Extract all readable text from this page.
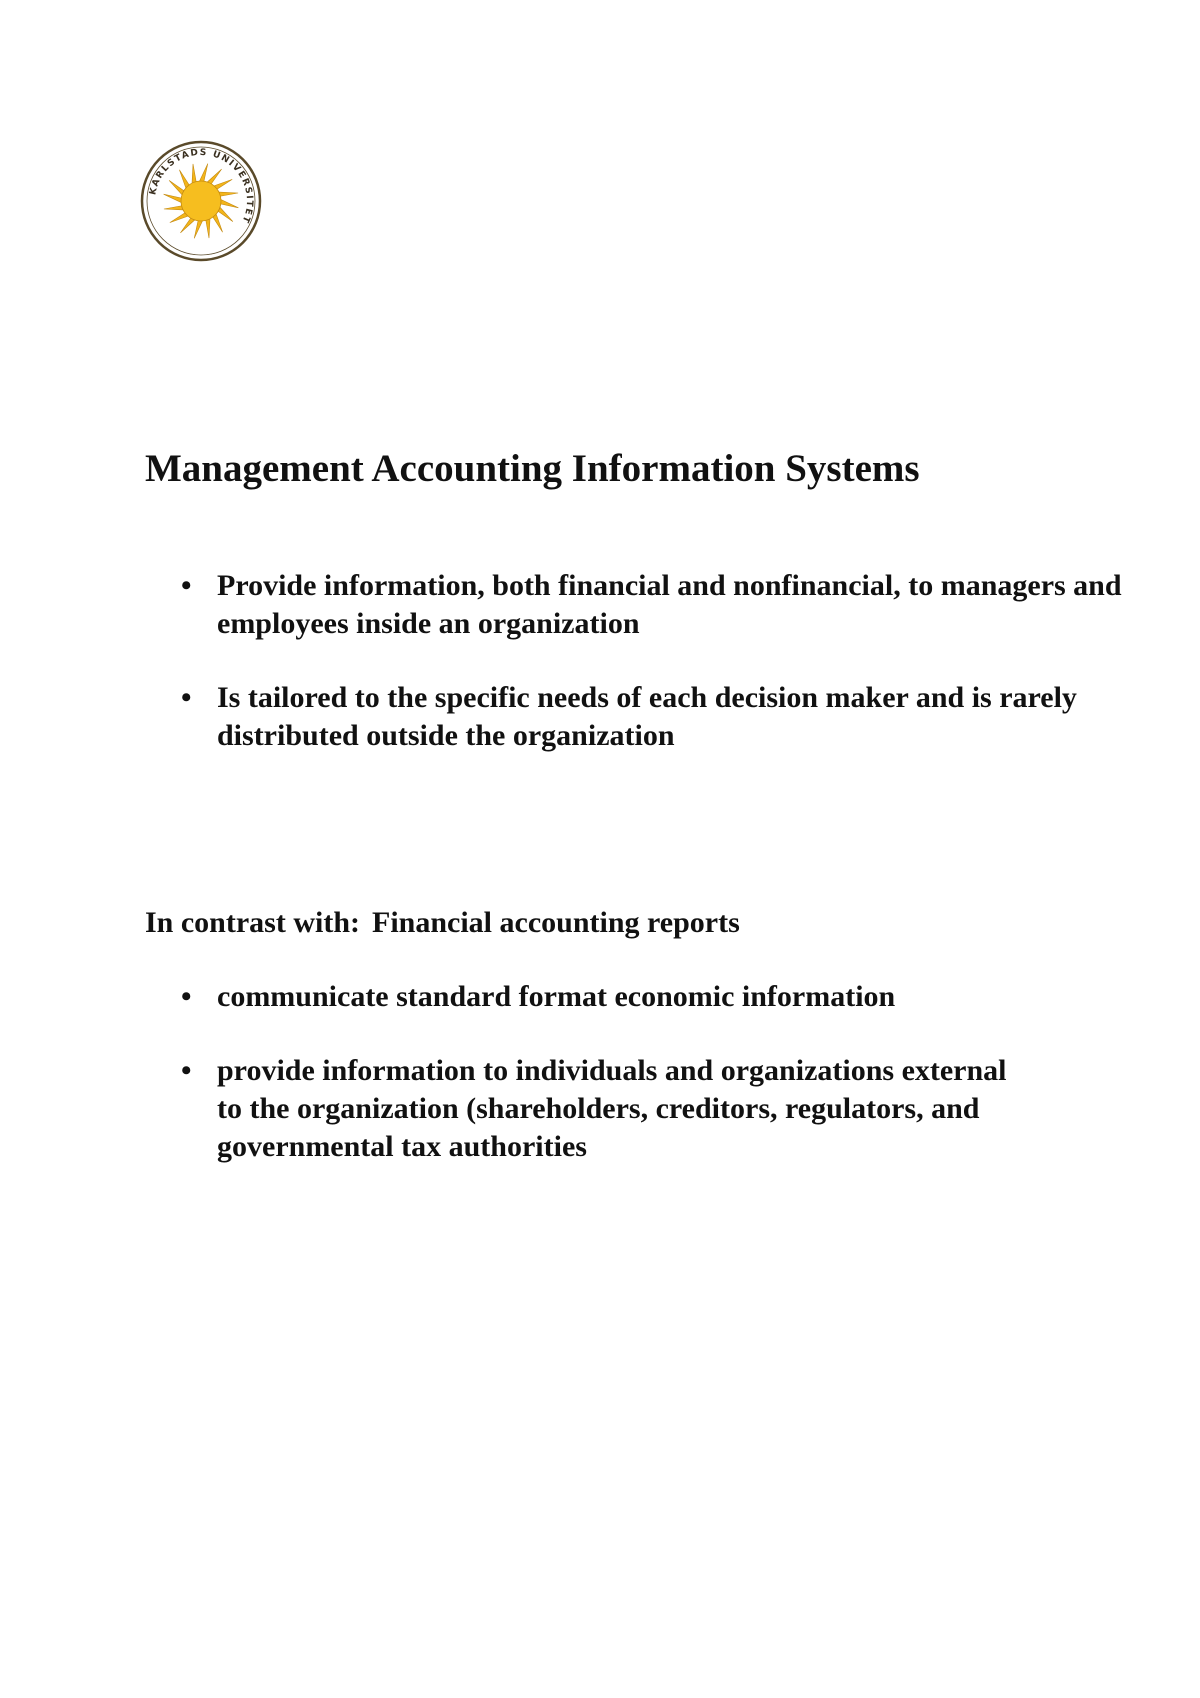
KARLSTADS UNIVERSITET
Management Accounting Information Systems
• Provide information, both financial and nonfinancial, to managers and employees inside an organization
• Is tailored to the specific needs of each decision maker and is rarely distributed outside the organization

In contrast with: Financial accounting reports

• communicate standard format economic information
• provide information to individuals and organizations external to the organization (shareholders, creditors, regulators, and governmental tax authorities
